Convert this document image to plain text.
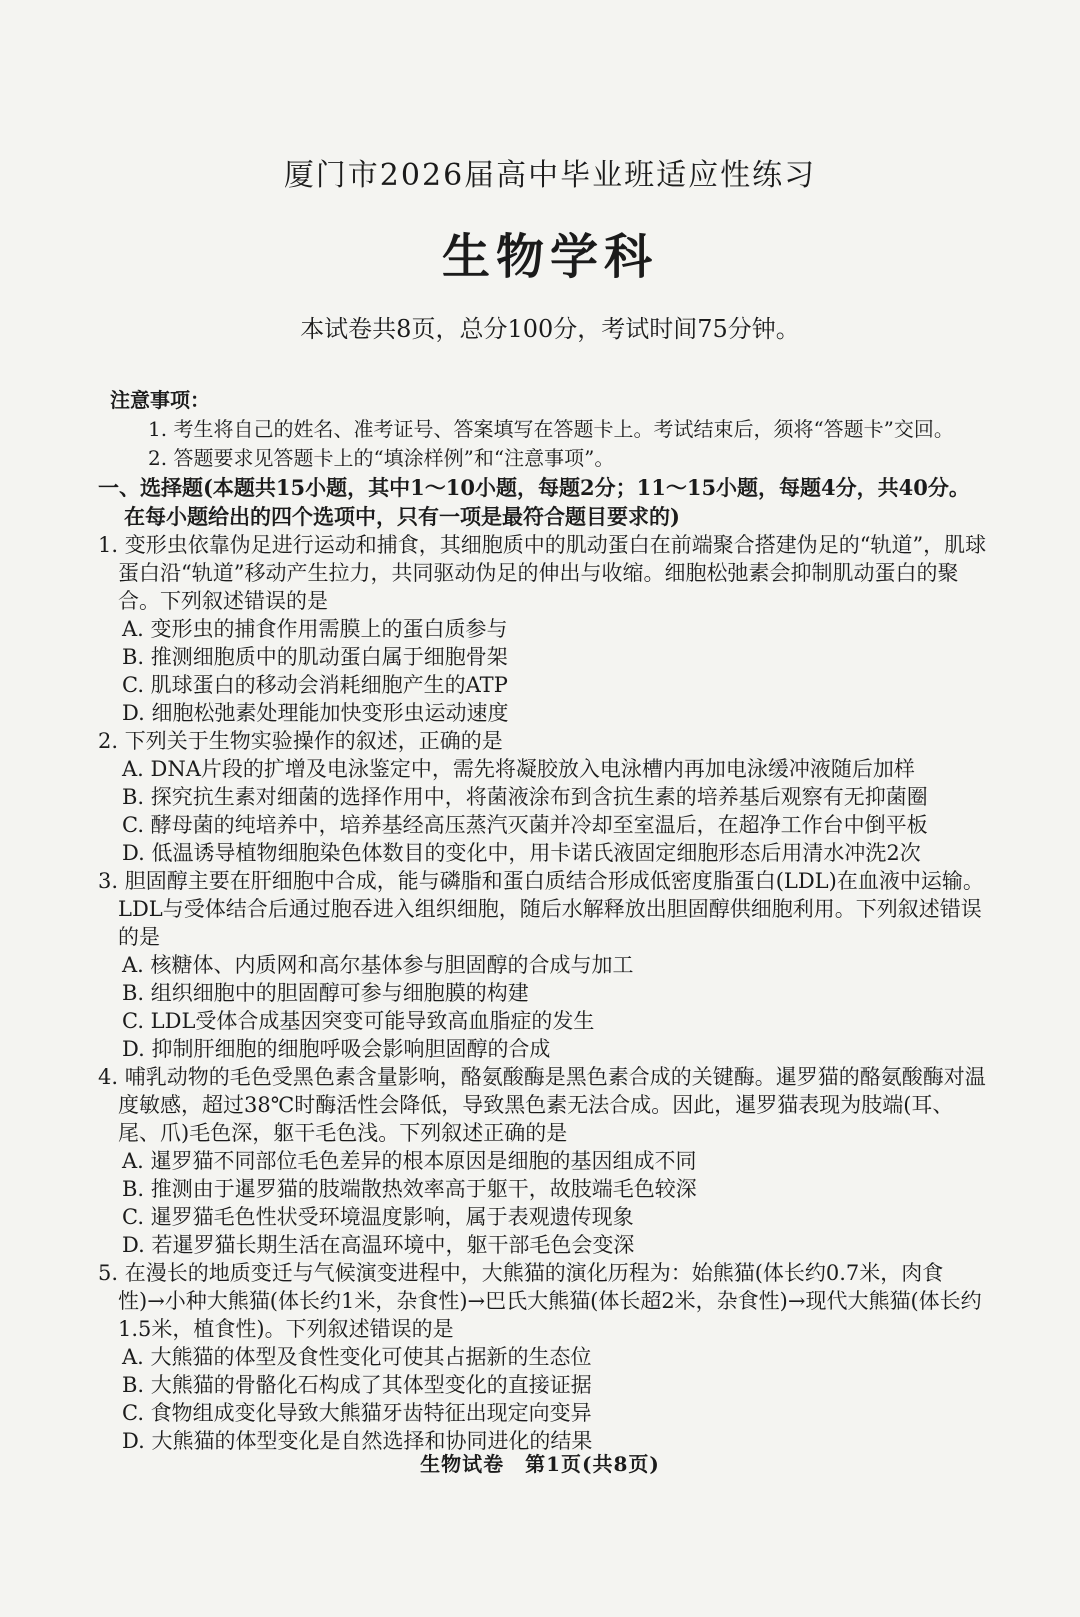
厦门市2026届高中毕业班适应性练习
生物学科
本试卷共8页，总分100分，考试时间75分钟。
注意事项：
1. 考生将自己的姓名、准考证号、答案填写在答题卡上。考试结束后，须将“答题卡”交回。
2. 答题要求见答题卡上的“填涂样例”和“注意事项”。
一、选择题(本题共15小题，其中1～10小题，每题2分；11～15小题，每题4分，共40分。在每小题给出的四个选项中，只有一项是最符合题目要求的)
1. 变形虫依靠伪足进行运动和捕食，其细胞质中的肌动蛋白在前端聚合搭建伪足的“轨道”，肌球蛋白沿“轨道”移动产生拉力，共同驱动伪足的伸出与收缩。细胞松弛素会抑制肌动蛋白的聚合。下列叙述错误的是
A. 变形虫的捕食作用需膜上的蛋白质参与
B. 推测细胞质中的肌动蛋白属于细胞骨架
C. 肌球蛋白的移动会消耗细胞产生的ATP
D. 细胞松弛素处理能加快变形虫运动速度
2. 下列关于生物实验操作的叙述，正确的是
A. DNA片段的扩增及电泳鉴定中，需先将凝胶放入电泳槽内再加电泳缓冲液随后加样
B. 探究抗生素对细菌的选择作用中，将菌液涂布到含抗生素的培养基后观察有无抑菌圈
C. 酵母菌的纯培养中，培养基经高压蒸汽灭菌并冷却至室温后，在超净工作台中倒平板
D. 低温诱导植物细胞染色体数目的变化中，用卡诺氏液固定细胞形态后用清水冲洗2次
3. 胆固醇主要在肝细胞中合成，能与磷脂和蛋白质结合形成低密度脂蛋白(LDL)在血液中运输。LDL与受体结合后通过胞吞进入组织细胞，随后水解释放出胆固醇供细胞利用。下列叙述错误的是
A. 核糖体、内质网和高尔基体参与胆固醇的合成与加工
B. 组织细胞中的胆固醇可参与细胞膜的构建
C. LDL受体合成基因突变可能导致高血脂症的发生
D. 抑制肝细胞的细胞呼吸会影响胆固醇的合成
4. 哺乳动物的毛色受黑色素含量影响，酪氨酸酶是黑色素合成的关键酶。暹罗猫的酪氨酸酶对温度敏感，超过38℃时酶活性会降低，导致黑色素无法合成。因此，暹罗猫表现为肢端(耳、尾、爪)毛色深，躯干毛色浅。下列叙述正确的是
A. 暹罗猫不同部位毛色差异的根本原因是细胞的基因组成不同
B. 推测由于暹罗猫的肢端散热效率高于躯干，故肢端毛色较深
C. 暹罗猫毛色性状受环境温度影响，属于表观遗传现象
D. 若暹罗猫长期生活在高温环境中，躯干部毛色会变深
5. 在漫长的地质变迁与气候演变进程中，大熊猫的演化历程为：始熊猫(体长约0.7米，肉食性)→小种大熊猫(体长约1米，杂食性)→巴氏大熊猫(体长超2米，杂食性)→现代大熊猫(体长约1.5米，植食性)。下列叙述错误的是
A. 大熊猫的体型及食性变化可使其占据新的生态位
B. 大熊猫的骨骼化石构成了其体型变化的直接证据
C. 食物组成变化导致大熊猫牙齿特征出现定向变异
D. 大熊猫的体型变化是自然选择和协同进化的结果
生物试卷　第1页(共8页)
